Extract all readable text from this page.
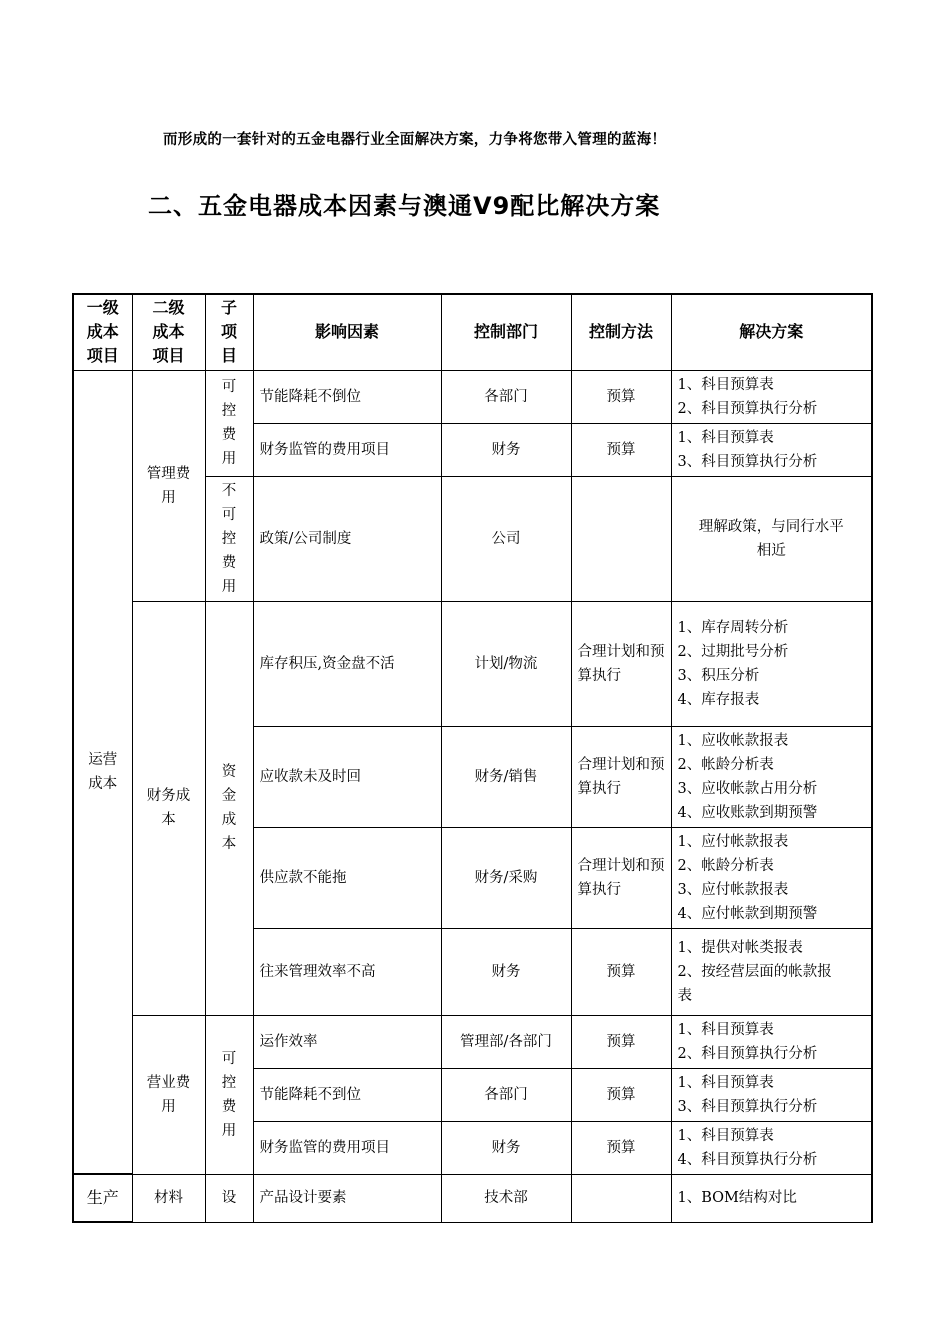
而形成的一套针对的五金电器行业全面解决方案，力争将您带入管理的蓝海！
二、五金电器成本因素与澳通V9配比解决方案
一级成本项目	二级成本项目	子项目	影响因素	控制部门	控制方法	解决方案

运营成本	管理费用	可控费用	节能降耗不倒位	各部门	预算	1、科目预算表
2、科目预算执行分析

			财务监管的费用项目	财务	预算	1、科目预算表
3、科目预算执行分析

		不可控费用	政策/公司制度	公司		理解政策，与同行水平
相近

	财务成本	资金成本	库存积压,资金盘不活	计划/物流	合理计划和预算执行	1、库存周转分析
2、过期批号分析
3、积压分析
4、库存报表

			应收款未及时回	财务/销售	合理计划和预算执行	1、应收帐款报表
2、帐龄分析表
3、应收帐款占用分析
4、应收账款到期预警

			供应款不能拖	财务/采购	合理计划和预算执行	1、应付帐款报表
2、帐龄分析表
3、应付帐款报表
4、应付帐款到期预警

			往来管理效率不高	财务	预算	1、提供对帐类报表
2、按经营层面的帐款报
表

	营业费用	可控费用	运作效率	管理部/各部门	预算	1、科目预算表
2、科目预算执行分析

			节能降耗不到位	各部门	预算	1、科目预算表
3、科目预算执行分析

			财务监管的费用项目	财务	预算	1、科目预算表
4、科目预算执行分析

生产	材料	设	产品设计要素	技术部		1、BOM结构对比
